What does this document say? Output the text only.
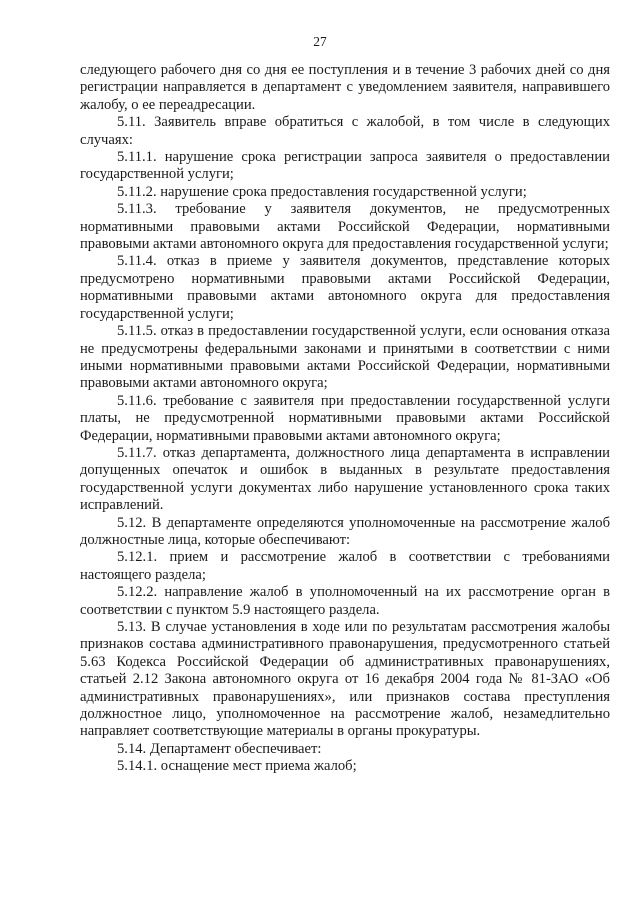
27

следующего рабочего дня со дня ее поступления и в течение 3 рабочих дней со дня регистрации направляется в департамент с уведомлением заявителя, направившего жалобу, о ее переадресации.

5.11. Заявитель вправе обратиться с жалобой, в том числе в следующих случаях:

5.11.1. нарушение срока регистрации запроса заявителя о предоставлении государственной услуги;

5.11.2. нарушение срока предоставления государственной услуги;

5.11.3. требование у заявителя документов, не предусмотренных нормативными правовыми актами Российской Федерации, нормативными правовыми актами автономного округа для предоставления государственной услуги;

5.11.4. отказ в приеме у заявителя документов, представление которых предусмотрено нормативными правовыми актами Российской Федерации, нормативными правовыми актами автономного округа для предоставления государственной услуги;

5.11.5. отказ в предоставлении государственной услуги, если основания отказа не предусмотрены федеральными законами и принятыми в соответствии с ними иными нормативными правовыми актами Российской Федерации, нормативными правовыми актами автономного округа;

5.11.6. требование с заявителя при предоставлении государственной услуги платы, не предусмотренной нормативными правовыми актами Российской Федерации, нормативными правовыми актами автономного округа;

5.11.7. отказ департамента, должностного лица департамента в исправлении допущенных опечаток и ошибок в выданных в результате предоставления государственной услуги документах либо нарушение установленного срока таких исправлений.

5.12. В департаменте определяются уполномоченные на рассмотрение жалоб должностные лица, которые обеспечивают:

5.12.1. прием и рассмотрение жалоб в соответствии с требованиями настоящего раздела;

5.12.2. направление жалоб в уполномоченный на их рассмотрение орган в соответствии с пунктом 5.9 настоящего раздела.

5.13. В случае установления в ходе или по результатам рассмотрения жалобы признаков состава административного правонарушения, предусмотренного статьей 5.63 Кодекса Российской Федерации об административных правонарушениях, статьей 2.12 Закона автономного округа от 16 декабря 2004 года № 81-ЗАО «Об административных правонарушениях», или признаков состава преступления должностное лицо, уполномоченное на рассмотрение жалоб, незамедлительно направляет соответствующие материалы в органы прокуратуры.

5.14. Департамент обеспечивает:

5.14.1. оснащение мест приема жалоб;
